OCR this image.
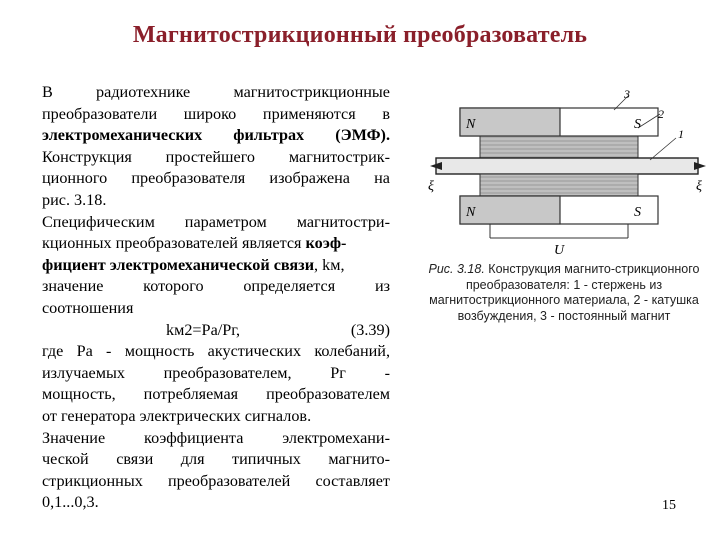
Магнитострикционный преобразователь
В радиотехнике магнитострикционные
преобразователи широко применяются в
электромеханических фильтрах (ЭМФ).
Конструкция простейшего магнитострик-
ционного преобразователя изображена на
рис. 3.18.
Специфическим параметром магнитостри-
кционных преобразователей является коэф-
фициент электромеханической связи, kм,
значение которого определяется из
соотношения
kм2=Pа/Pг,	(3.39)
где Pа - мощность акустических колебаний,
излучаемых преобразователем, Pг -
мощность, потребляемая преобразователем
от генератора электрических сигналов.
Значение коэффициента электромехани-
ческой связи для типичных магнито-
стрикционных преобразователей составляет
0,1...0,3.
3
2
1
N	S
N	S
ξ	ξ
U
Рис. 3.18. Конструкция магнито-стрикционного преобразователя: 1 - стержень из магнитострикционного материала, 2 - катушка возбуждения, 3 - постоянный магнит
15
